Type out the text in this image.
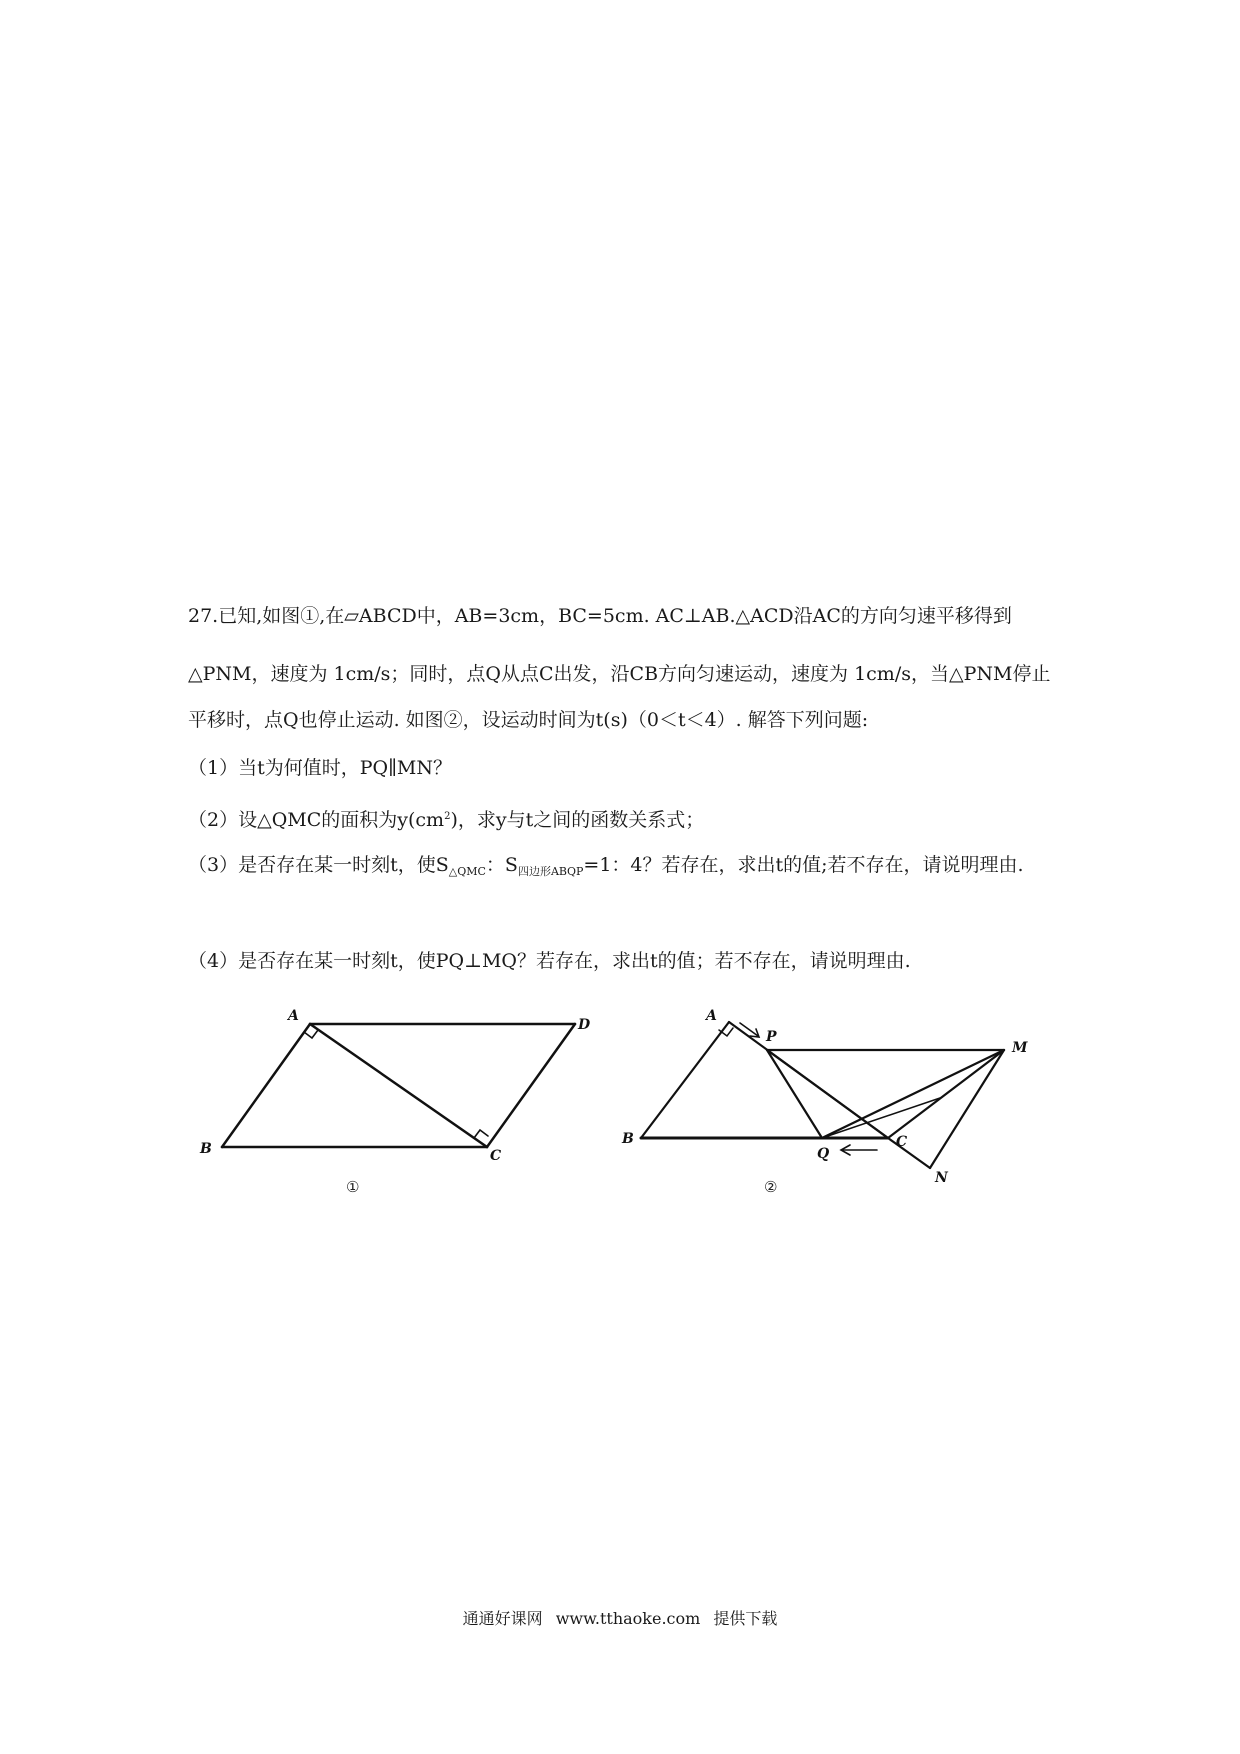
27.已知,如图①,在▱ABCD中，AB=3cm，BC=5cm. AC⊥AB.△ACD沿AC的方向匀速平移得到
△PNM，速度为 1cm/s；同时，点Q从点C出发，沿CB方向匀速运动，速度为 1cm/s，当△PNM停止
平移时，点Q也停止运动. 如图②，设运动时间为t(s)（0＜t＜4）. 解答下列问题:
（1）当t为何值时，PQ∥MN？
（2）设△QMC的面积为$y(cm^2)$，求y与t之间的函数关系式；
（3）是否存在某一时刻t，使$S_{\triangle QMC}$：$S_{四边形ABQP}=1$：4？若存在，求出t的值;若不存在，请说明理由.
（4）是否存在某一时刻t，使PQ⊥MQ？若存在，求出t的值；若不存在，请说明理由.
A
B	C
D
①
A
B	C
P
M
N
Q
②
通通好课网 www.tthaoke.com 提供下载
